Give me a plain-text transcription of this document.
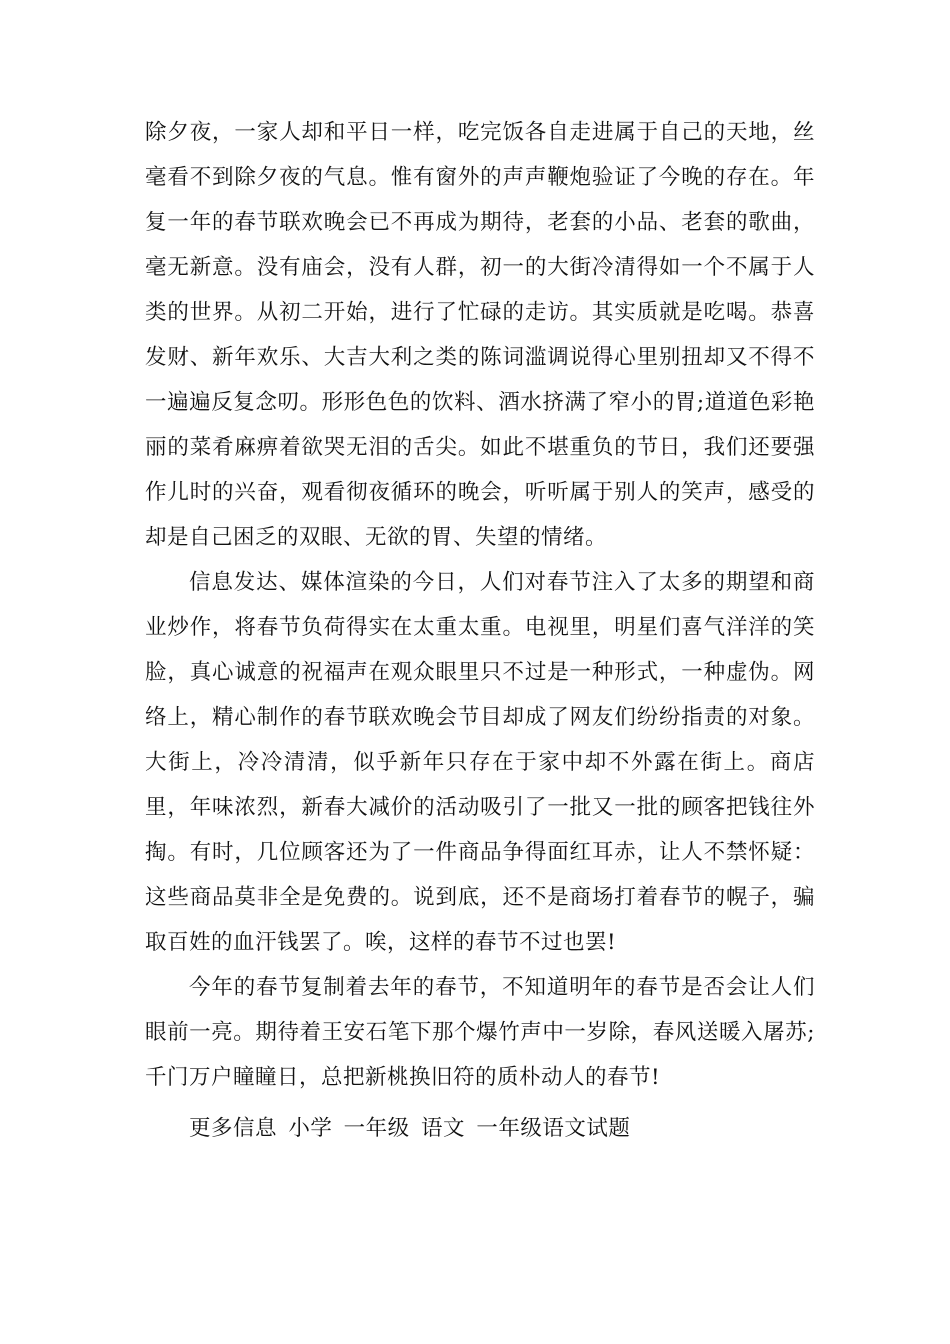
除夕夜，一家人却和平日一样，吃完饭各自走进属于自己的天地，丝毫看不到除夕夜的气息。惟有窗外的声声鞭炮验证了今晚的存在。年复一年的春节联欢晚会已不再成为期待，老套的小品、老套的歌曲，毫无新意。没有庙会，没有人群，初一的大街冷清得如一个不属于人类的世界。从初二开始，进行了忙碌的走访。其实质就是吃喝。恭喜发财、新年欢乐、大吉大利之类的陈词滥调说得心里别扭却又不得不一遍遍反复念叨。形形色色的饮料、酒水挤满了窄小的胃;道道色彩艳丽的菜肴麻痹着欲哭无泪的舌尖。如此不堪重负的节日，我们还要强作儿时的兴奋，观看彻夜循环的晚会，听听属于别人的笑声，感受的却是自己困乏的双眼、无欲的胃、失望的情绪。

信息发达、媒体渲染的今日，人们对春节注入了太多的期望和商业炒作，将春节负荷得实在太重太重。电视里，明星们喜气洋洋的笑脸，真心诚意的祝福声在观众眼里只不过是一种形式，一种虚伪。网络上，精心制作的春节联欢晚会节目却成了网友们纷纷指责的对象。大街上，冷冷清清，似乎新年只存在于家中却不外露在街上。商店里，年味浓烈，新春大减价的活动吸引了一批又一批的顾客把钱往外掏。有时，几位顾客还为了一件商品争得面红耳赤，让人不禁怀疑：这些商品莫非全是免费的。说到底，还不是商场打着春节的幌子，骗取百姓的血汗钱罢了。唉，这样的春节不过也罢!

今年的春节复制着去年的春节，不知道明年的春节是否会让人们眼前一亮。期待着王安石笔下那个爆竹声中一岁除，春风送暖入屠苏;千门万户瞳瞳日，总把新桃换旧符的质朴动人的春节!

更多信息 小学 一年级 语文 一年级语文试题
